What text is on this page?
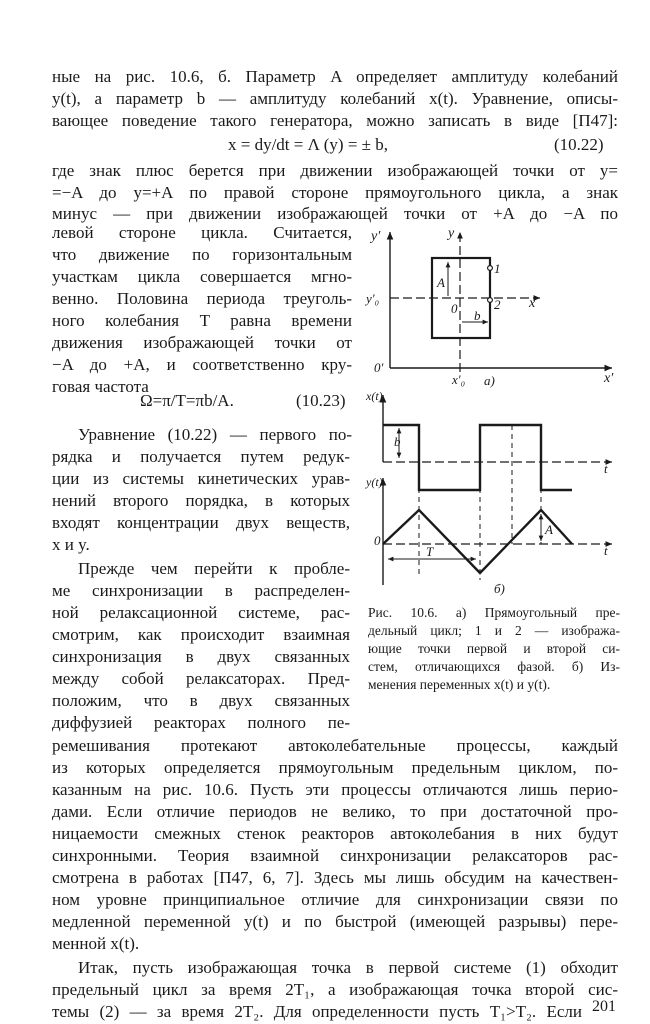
ные на рис. 10.6, б. Параметр A определяет амплитуду колебаний
y(t), а параметр b — амплитуду колебаний x(t). Уравнение, описы-
вающее поведение такого генератора, можно записать в виде [П47]:
x = dy/dt = Λ (y) = ± b,	(10.22)
где знак плюс берется при движении изображающей точки от y=
=−A до y=+A по правой стороне прямоугольного цикла, а знак
минус — при движении изображающей точки от +A до −A по
левой стороне цикла. Считается,
что движение по горизонтальным
участкам цикла совершается мгно-
венно. Половина периода треуголь-
ного колебания T равна времени
движения изображающей точки от
−A до +A, и соответственно кру-
говая частота
Ω=π/T=πb/A.	(10.23)
Уравнение (10.22) — первого по-
рядка и получается путем редук-
ции из системы кинетических урав-
нений второго порядка, в которых
входят концентрации двух веществ,
x и y.
Прежде чем перейти к пробле-
ме синхронизации в распределен-
ной релаксационной системе, рас-
смотрим, как происходит взаимная
синхронизация в двух связанных
между собой релаксаторах. Пред-
положим, что в двух связанных
диффузией реакторах полного пе-
Рис. 10.6. а) Прямоугольный пре-
дельный цикл; 1 и 2 — изобража-
ющие точки первой и второй си-
стем, отличающихся фазой. б) Из-
менения переменных x(t) и y(t).
ремешивания протекают автоколебательные процессы, каждый
из которых определяется прямоугольным предельным циклом, по-
казанным на рис. 10.6. Пусть эти процессы отличаются лишь перио-
дами. Если отличие периодов не велико, то при достаточной про-
ницаемости смежных стенок реакторов автоколебания в них будут
синхронными. Теория взаимной синхронизации релаксаторов рас-
смотрена в работах [П47, 6, 7]. Здесь мы лишь обсудим на качествен-
ном уровне принципиальное отличие для синхронизации связи по
медленной переменной y(t) и по быстрой (имеющей разрывы) пере-
менной x(t).
Итак, пусть изображающая точка в первой системе (1) обходит
предельный цикл за время 2T₁, а изображающая точка второй сис-
темы (2) — за время 2T₂. Для определенности пусть T₁>T₂. Если 201
y′	y
x
x′
y′₀
x′₀
0′
0
A
b
1
2
а)
x(t)
y(t)
b
t
t
0
T
A
б)
